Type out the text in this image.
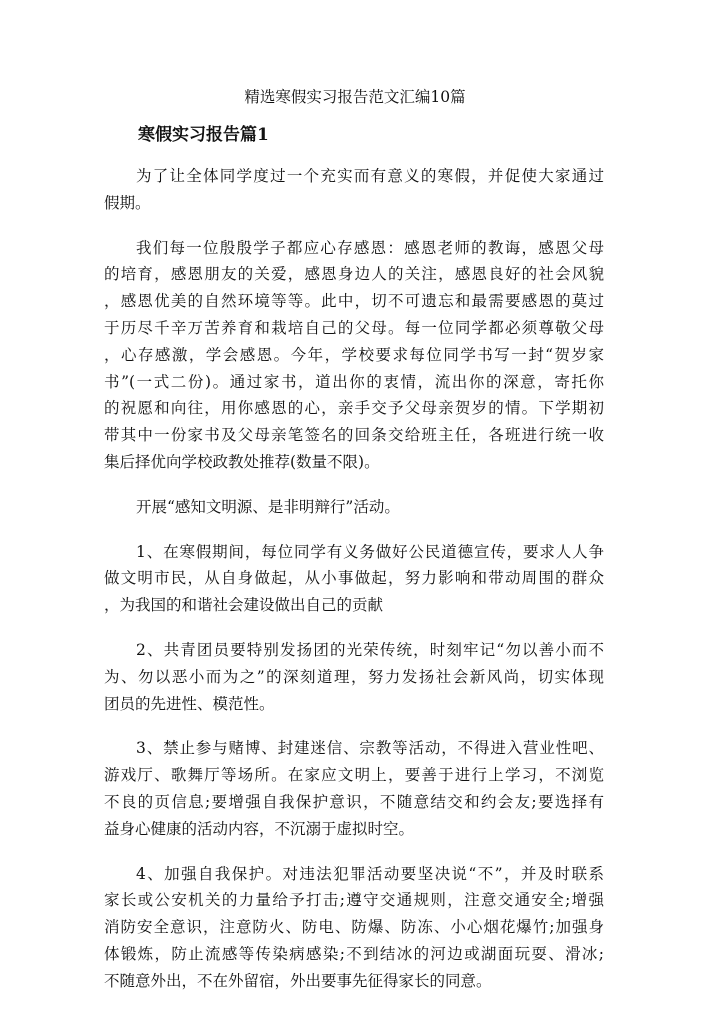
精选寒假实习报告范文汇编10篇
寒假实习报告篇1

为了让全体同学度过一个充实而有意义的寒假，并促使大家通过
假期。

我们每一位殷殷学子都应心存感恩：感恩老师的教诲，感恩父母
的培育，感恩朋友的关爱，感恩身边人的关注，感恩良好的社会风貌
，感恩优美的自然环境等等。此中，切不可遗忘和最需要感恩的莫过
于历尽千辛万苦养育和栽培自己的父母。每一位同学都必须尊敬父母
，心存感激，学会感恩。今年，学校要求每位同学书写一封“贺岁家
书”(一式二份)。通过家书，道出你的衷情，流出你的深意，寄托你
的祝愿和向往，用你感恩的心，亲手交予父母亲贺岁的情。下学期初
带其中一份家书及父母亲笔签名的回条交给班主任，各班进行统一收
集后择优向学校政教处推荐(数量不限)。

开展“感知文明源、是非明辩行”活动。

1、在寒假期间，每位同学有义务做好公民道德宣传，要求人人争
做文明市民，从自身做起，从小事做起，努力影响和带动周围的群众
，为我国的和谐社会建设做出自己的贡献

2、共青团员要特别发扬团的光荣传统，时刻牢记“勿以善小而不
为、勿以恶小而为之”的深刻道理，努力发扬社会新风尚，切实体现
团员的先进性、模范性。

3、禁止参与赌博、封建迷信、宗教等活动，不得进入营业性吧、
游戏厅、歌舞厅等场所。在家应文明上，要善于进行上学习，不浏览
不良的页信息;要增强自我保护意识，不随意结交和约会友;要选择有
益身心健康的活动内容，不沉溺于虚拟时空。

4、加强自我保护。对违法犯罪活动要坚决说“不”，并及时联系
家长或公安机关的力量给予打击;遵守交通规则，注意交通安全;增强
消防安全意识，注意防火、防电、防爆、防冻、小心烟花爆竹;加强身
体锻炼，防止流感等传染病感染;不到结冰的河边或湖面玩耍、滑冰;
不随意外出，不在外留宿，外出要事先征得家长的同意。
